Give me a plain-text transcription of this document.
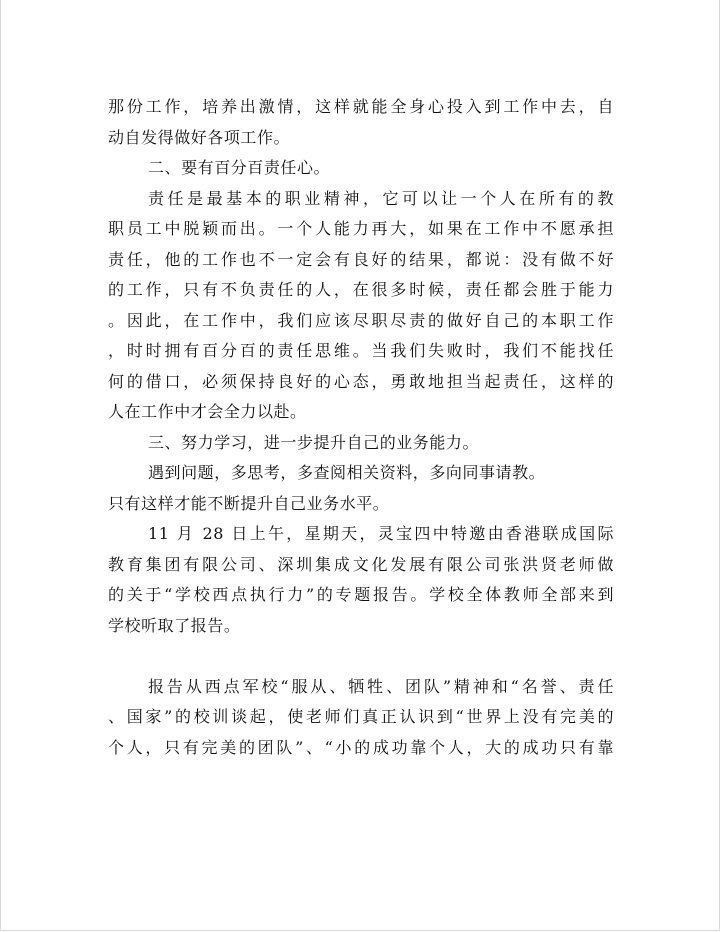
那份工作，培养出激情，这样就能全身心投入到工作中去，自
动自发得做好各项工作。
二、要有百分百责任心。
责任是最基本的职业精神，它可以让一个人在所有的教
职员工中脱颖而出。一个人能力再大，如果在工作中不愿承担
责任，他的工作也不一定会有良好的结果，都说：没有做不好
的工作，只有不负责任的人，在很多时候，责任都会胜于能力
。因此，在工作中，我们应该尽职尽责的做好自己的本职工作
，时时拥有百分百的责任思维。当我们失败时，我们不能找任
何的借口，必须保持良好的心态，勇敢地担当起责任，这样的
人在工作中才会全力以赴。
三、努力学习，进一步提升自己的业务能力。
遇到问题，多思考，多查阅相关资料，多向同事请教。
只有这样才能不断提升自己业务水平。
11 月 28 日上午，星期天，灵宝四中特邀由香港联成国际
教育集团有限公司、深圳集成文化发展有限公司张洪贤老师做
的关于“学校西点执行力”的专题报告。学校全体教师全部来到
学校听取了报告。
报告从西点军校“服从、牺牲、团队”精神和“名誉、责任
、国家”的校训谈起，使老师们真正认识到“世界上没有完美的
个人，只有完美的团队”、“小的成功靠个人，大的成功只有靠
